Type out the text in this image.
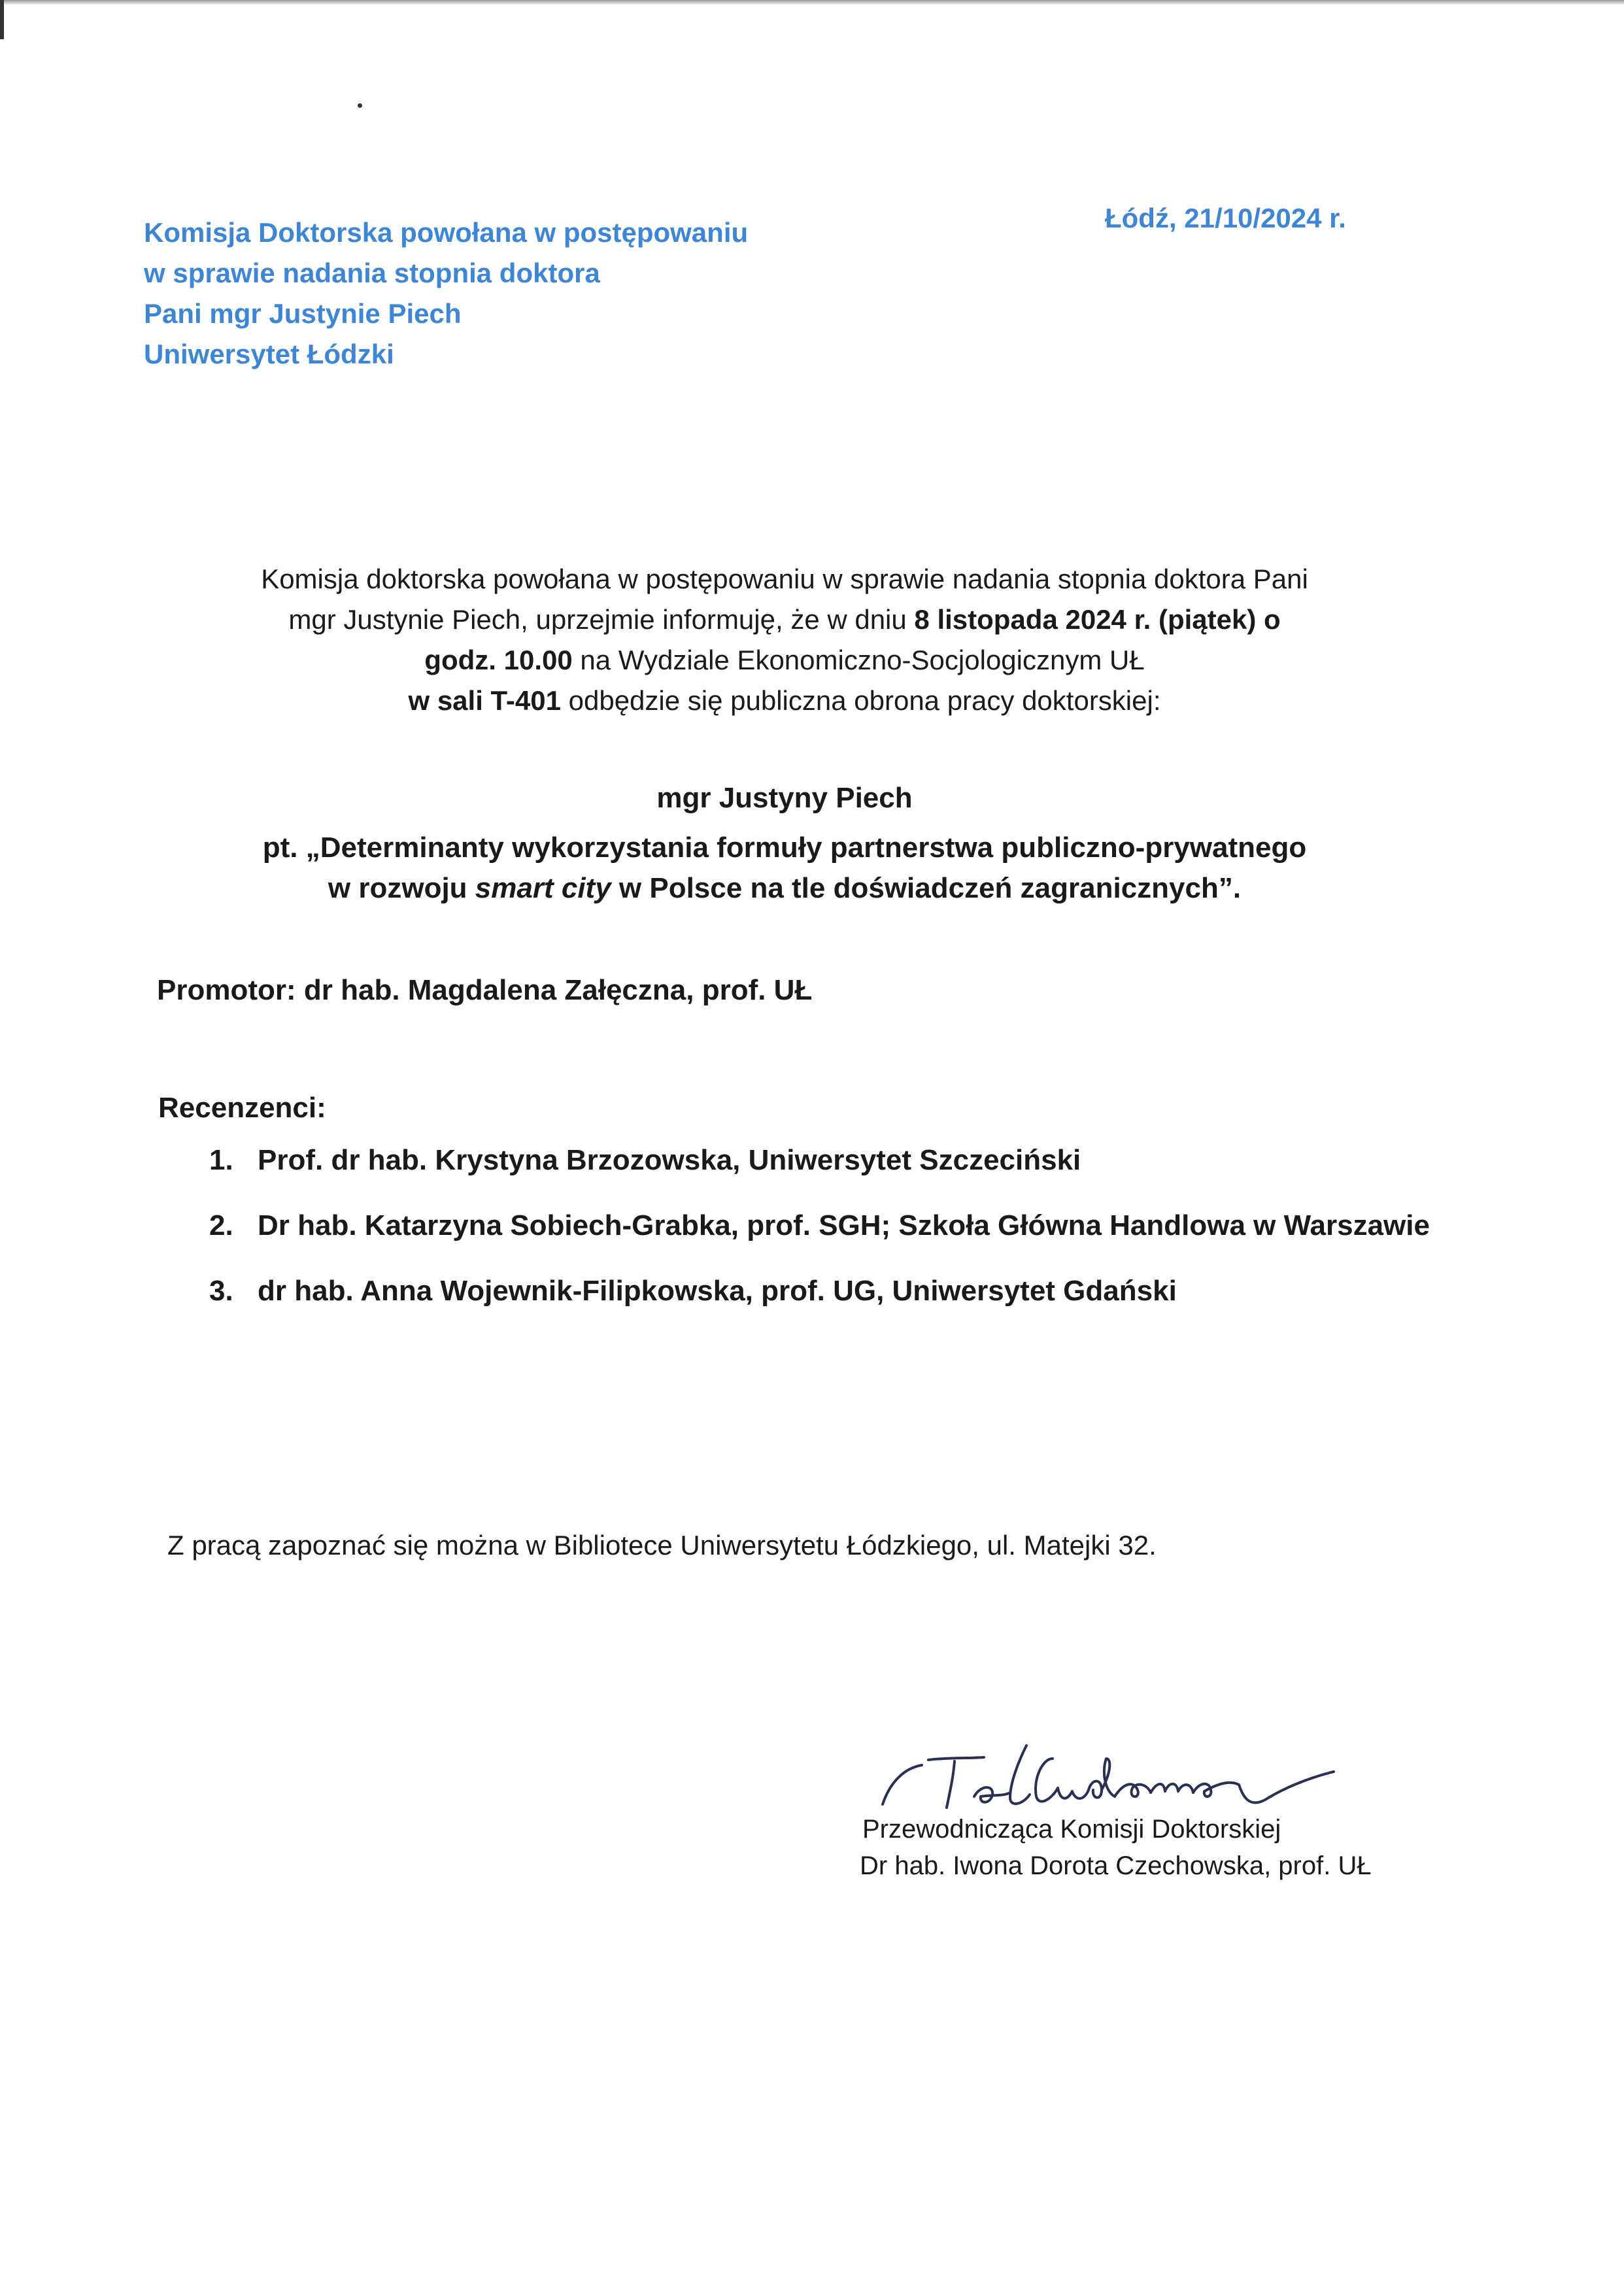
Komisja Doktorska powołana w postępowaniu
w sprawie nadania stopnia doktora
Pani mgr Justynie Piech
Uniwersytet Łódzki
Łódź, 21/10/2024 r.
Komisja doktorska powołana w postępowaniu w sprawie nadania stopnia doktora Pani
mgr Justynie Piech, uprzejmie informuję, że w dniu 8 listopada 2024 r. (piątek) o
godz. 10.00 na Wydziale Ekonomiczno-Socjologicznym UŁ
w sali T-401 odbędzie się publiczna obrona pracy doktorskiej:
mgr Justyny Piech
pt. „Determinanty wykorzystania formuły partnerstwa publiczno-prywatnego
w rozwoju smart city w Polsce na tle doświadczeń zagranicznych”.
Promotor: dr hab. Magdalena Załęczna, prof. UŁ
Recenzenci:
1. Prof. dr hab. Krystyna Brzozowska, Uniwersytet Szczeciński
2. Dr hab. Katarzyna Sobiech-Grabka, prof. SGH; Szkoła Główna Handlowa w Warszawie
3. dr hab. Anna Wojewnik-Filipkowska, prof. UG, Uniwersytet Gdański
Z pracą zapoznać się można w Bibliotece Uniwersytetu Łódzkiego, ul. Matejki 32.
Przewodnicząca Komisji Doktorskiej
Dr hab. Iwona Dorota Czechowska, prof. UŁ
